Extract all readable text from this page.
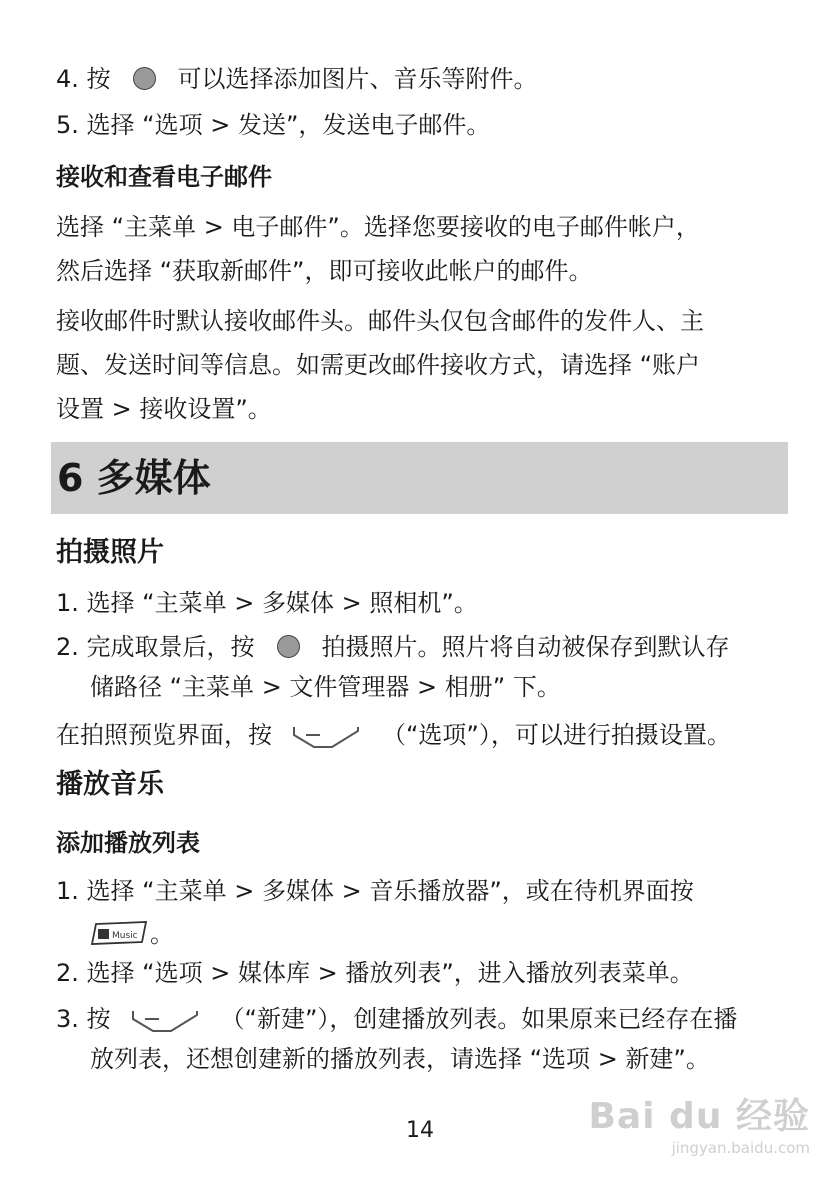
4. 按	可以选择添加图片、音乐等附件。
5. 选择 “选项 > 发送”，发送电子邮件。
接收和查看电子邮件
选择 “主菜单 > 电子邮件”。选择您要接收的电子邮件帐户，
然后选择 “获取新邮件”，即可接收此帐户的邮件。
接收邮件时默认接收邮件头。邮件头仅包含邮件的发件人、主
题、发送时间等信息。如需更改邮件接收方式，请选择 “账户
设置 > 接收设置”。
6 多媒体
拍摄照片
1. 选择 “主菜单 > 多媒体 > 照相机”。
2. 完成取景后，按	拍摄照片。照片将自动被保存到默认存
储路径 “主菜单 > 文件管理器 > 相册” 下。
在拍照预览界面，按	（“选项”），可以进行拍摄设置。
播放音乐
添加播放列表
1. 选择 “主菜单 > 多媒体 > 音乐播放器”，或在待机界面按
Music 。
2. 选择 “选项 > 媒体库 > 播放列表”，进入播放列表菜单。
3. 按	（“新建”），创建播放列表。如果原来已经存在播
放列表，还想创建新的播放列表，请选择 “选项 > 新建”。
14	Bai du 经验
jingyan.baidu.com
